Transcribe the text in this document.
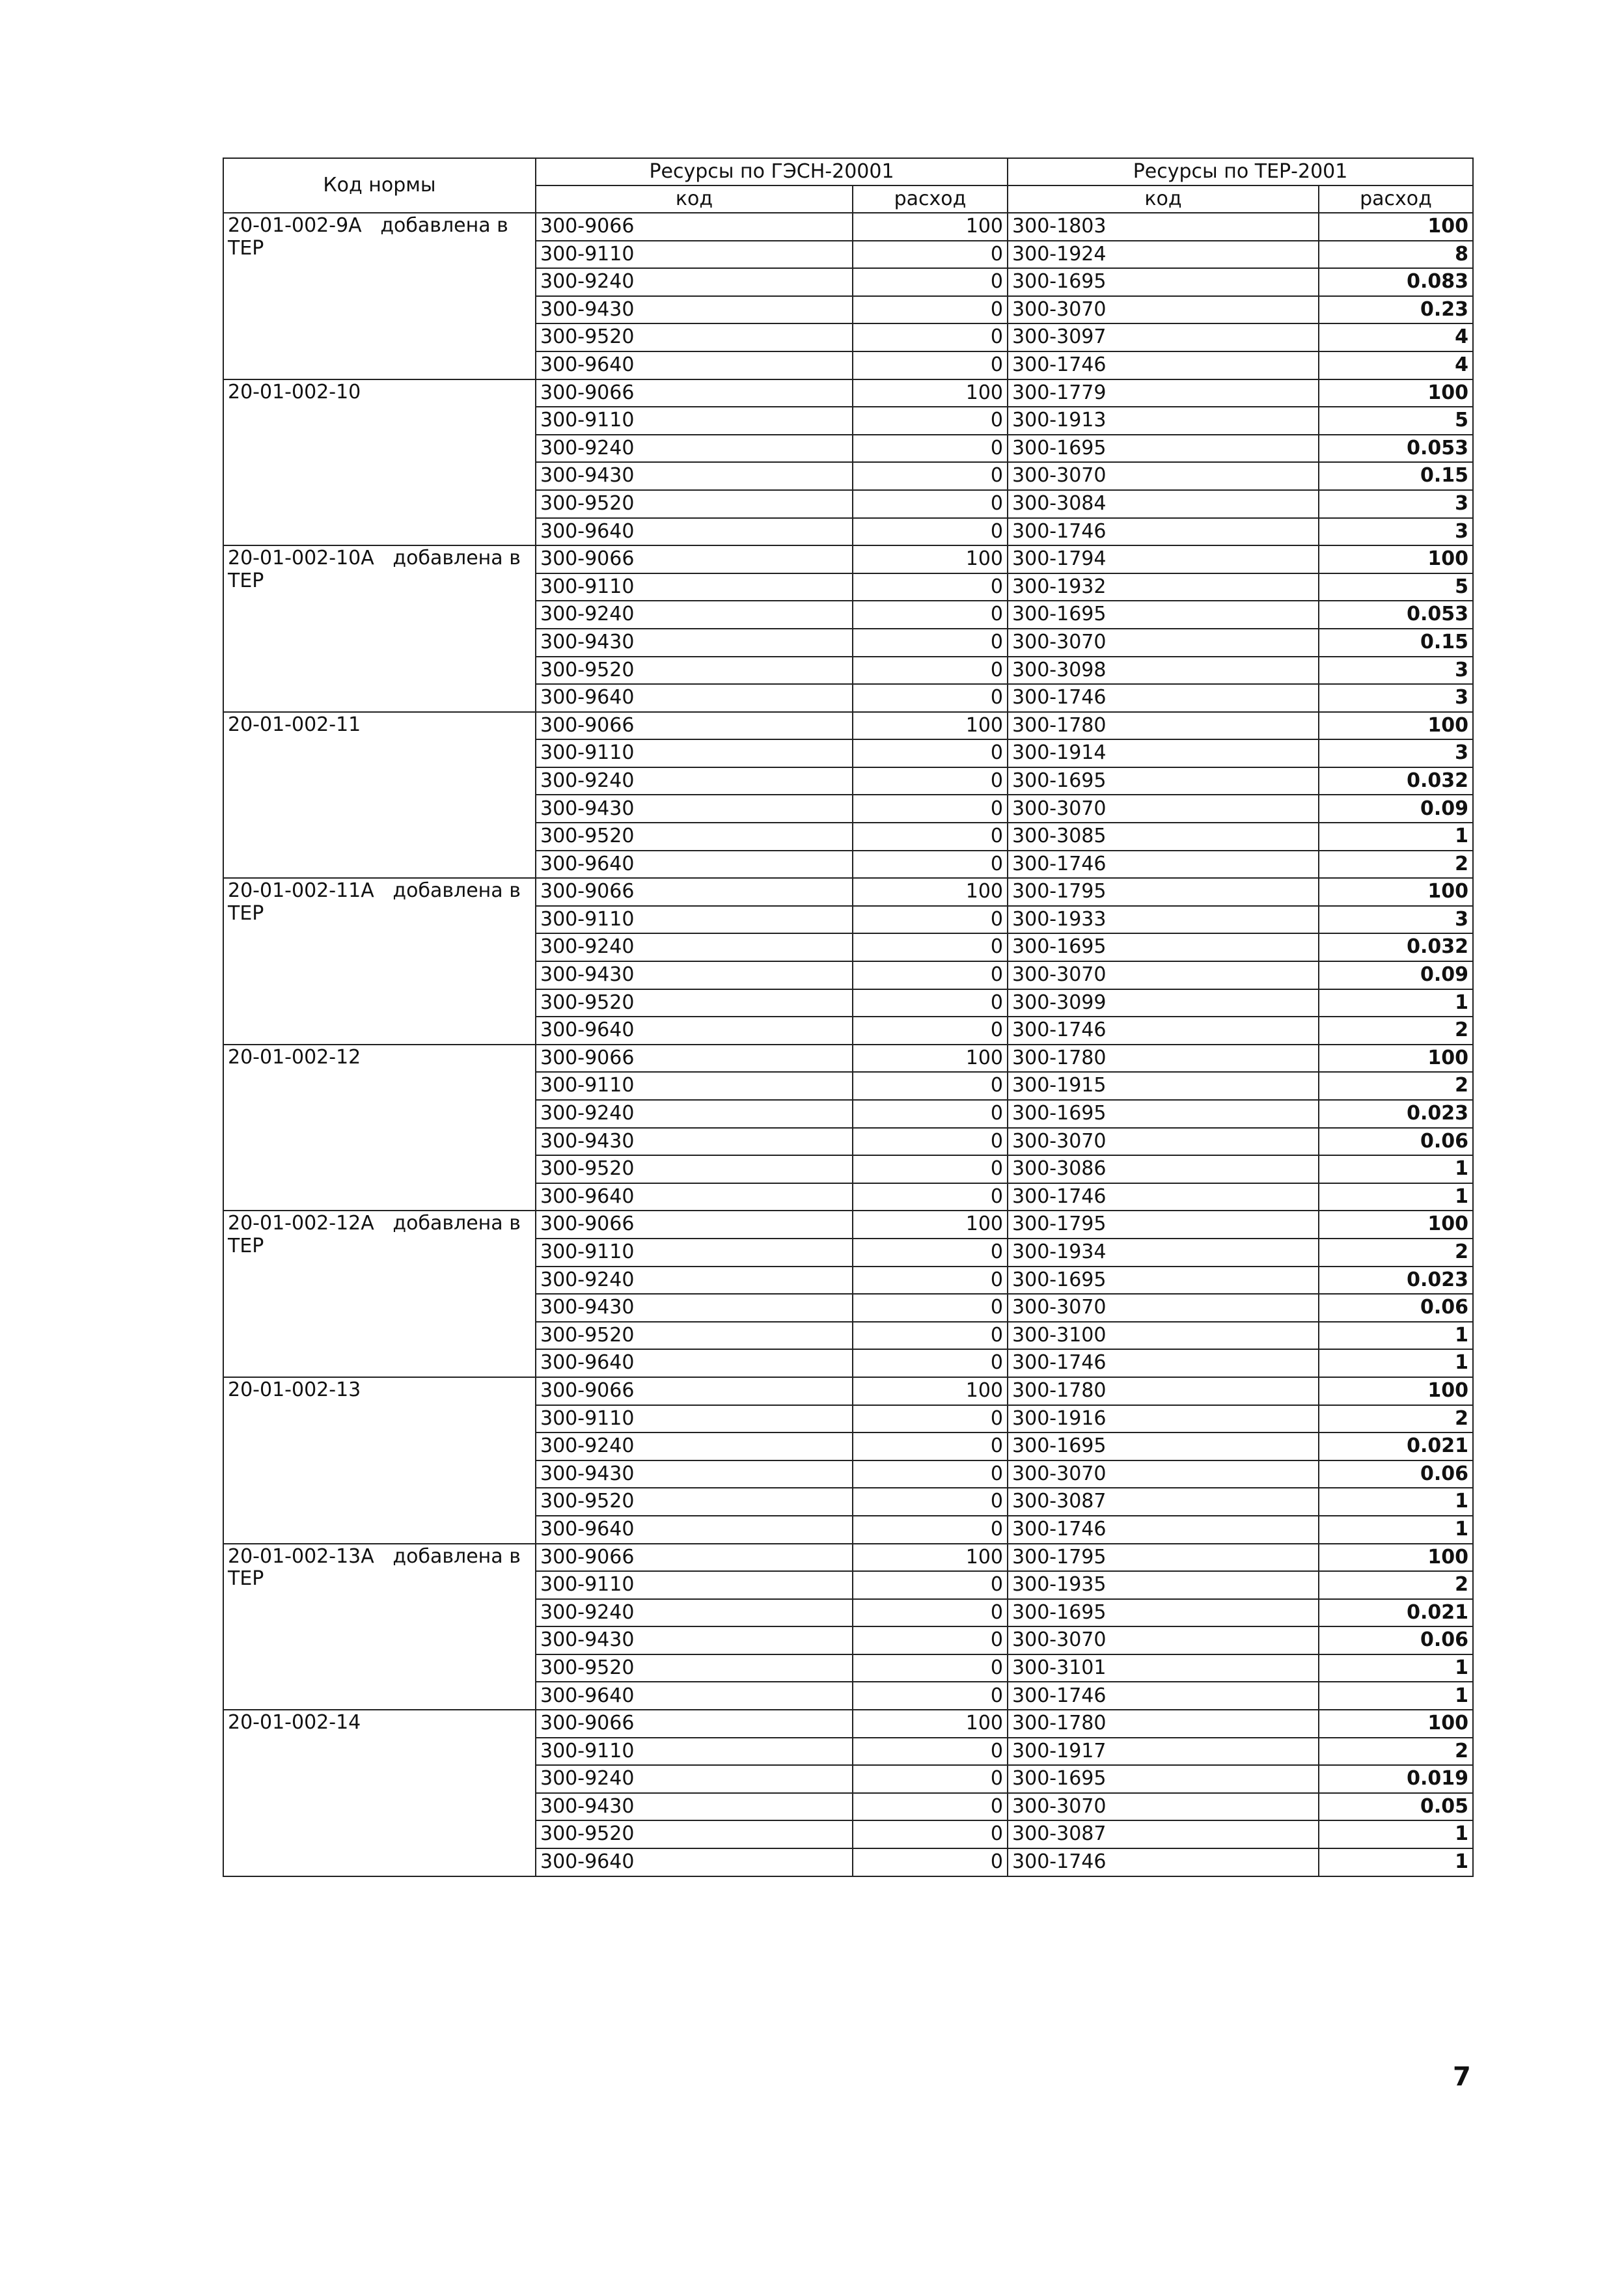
Код нормы	Ресурсы по ГЭСН-20001		Ресурсы по ТЕР-2001	
	код	расход	код	расход
20-01-002-9А добавлена в ТЕР	300-9066	100	300-1803	100
	300-9110	0	300-1924	8
	300-9240	0	300-1695	0.083
	300-9430	0	300-3070	0.23
	300-9520	0	300-3097	4
	300-9640	0	300-1746	4
20-01-002-10	300-9066	100	300-1779	100
	300-9110	0	300-1913	5
	300-9240	0	300-1695	0.053
	300-9430	0	300-3070	0.15
	300-9520	0	300-3084	3
	300-9640	0	300-1746	3
20-01-002-10А добавлена в ТЕР	300-9066	100	300-1794	100
	300-9110	0	300-1932	5
	300-9240	0	300-1695	0.053
	300-9430	0	300-3070	0.15
	300-9520	0	300-3098	3
	300-9640	0	300-1746	3
20-01-002-11	300-9066	100	300-1780	100
	300-9110	0	300-1914	3
	300-9240	0	300-1695	0.032
	300-9430	0	300-3070	0.09
	300-9520	0	300-3085	1
	300-9640	0	300-1746	2
20-01-002-11А добавлена в ТЕР	300-9066	100	300-1795	100
	300-9110	0	300-1933	3
	300-9240	0	300-1695	0.032
	300-9430	0	300-3070	0.09
	300-9520	0	300-3099	1
	300-9640	0	300-1746	2
20-01-002-12	300-9066	100	300-1780	100
	300-9110	0	300-1915	2
	300-9240	0	300-1695	0.023
	300-9430	0	300-3070	0.06
	300-9520	0	300-3086	1
	300-9640	0	300-1746	1
20-01-002-12А добавлена в ТЕР	300-9066	100	300-1795	100
	300-9110	0	300-1934	2
	300-9240	0	300-1695	0.023
	300-9430	0	300-3070	0.06
	300-9520	0	300-3100	1
	300-9640	0	300-1746	1
20-01-002-13	300-9066	100	300-1780	100
	300-9110	0	300-1916	2
	300-9240	0	300-1695	0.021
	300-9430	0	300-3070	0.06
	300-9520	0	300-3087	1
	300-9640	0	300-1746	1
20-01-002-13А добавлена в ТЕР	300-9066	100	300-1795	100
	300-9110	0	300-1935	2
	300-9240	0	300-1695	0.021
	300-9430	0	300-3070	0.06
	300-9520	0	300-3101	1
	300-9640	0	300-1746	1
20-01-002-14	300-9066	100	300-1780	100
	300-9110	0	300-1917	2
	300-9240	0	300-1695	0.019
	300-9430	0	300-3070	0.05
	300-9520	0	300-3087	1
	300-9640	0	300-1746	1
7
